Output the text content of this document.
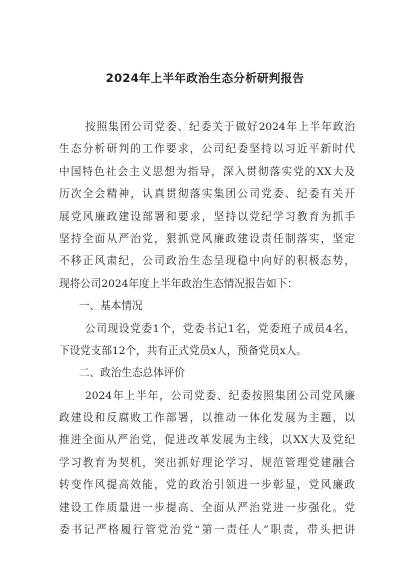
2024年上半年政治生态分析研判报告
按照集团公司党委、纪委关于做好2024年上半年政治
生态分析研判的工作要求，公司纪委坚持以习近平新时代
中国特色社会主义思想为指导，深入贯彻落实党的XX大及
历次全会精神，认真贯彻落实集团公司党委、纪委有关开
展党风廉政建设部署和要求，坚持以党纪学习教育为抓手
坚持全面从严治党，狠抓党风廉政建设责任制落实，坚定
不移正风肃纪，公司政治生态呈现稳中向好的积极态势，
现将公司2024年度上半年政治生态情况报告如下：
一、基本情况
公司现设党委1个，党委书记1名，党委班子成员4名，
下设党支部12个，共有正式党员x人，预备党员x人。
二、政治生态总体评价
2024年上半年，公司党委、纪委按照集团公司党风廉
政建设和反腐败工作部署，以推动一体化发展为主题，以
推进全面从严治党，促进改革发展为主线，以XX大及党纪
学习教育为契机，突出抓好理论学习、规范管理党建融合
转变作风提高效能，党的政治引领进一步彰显，党风廉政
建设工作质量进一步提高、全面从严治党进一步强化。党
委书记严格履行管党治党“第一责任人”职责，带头把讲
